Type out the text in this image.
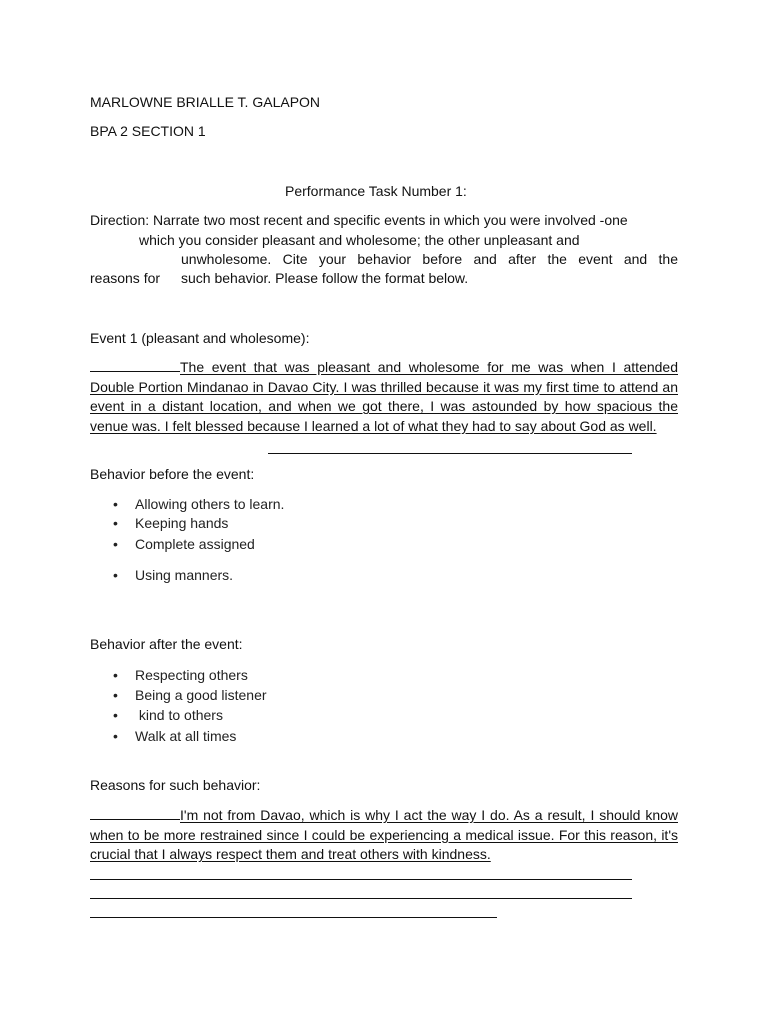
MARLOWNE BRIALLE T. GALAPON
BPA 2 SECTION 1
Performance Task Number 1:
Direction: Narrate two most recent and specific events in which you were involved -one
which you consider pleasant and wholesome; the other unpleasant and
unwholesome. Cite your behavior before and after the event and the
reasons for such behavior. Please follow the format below.
Event 1 (pleasant and wholesome):
The event that was pleasant and wholesome for me was when I attended Double Portion Mindanao in Davao City. I was thrilled because it was my first time to attend an event in a distant location, and when we got there, I was astounded by how spacious the venue was. I felt blessed because I learned a lot of what they had to say about God as well.
Behavior before the event:
• Allowing others to learn.
• Keeping hands
• Complete assigned
• Using manners.
Behavior after the event:
• Respecting others
• Being a good listener
• kind to others
• Walk at all times
Reasons for such behavior:
I'm not from Davao, which is why I act the way I do. As a result, I should know when to be more restrained since I could be experiencing a medical issue. For this reason, it's crucial that I always respect them and treat others with kindness.
